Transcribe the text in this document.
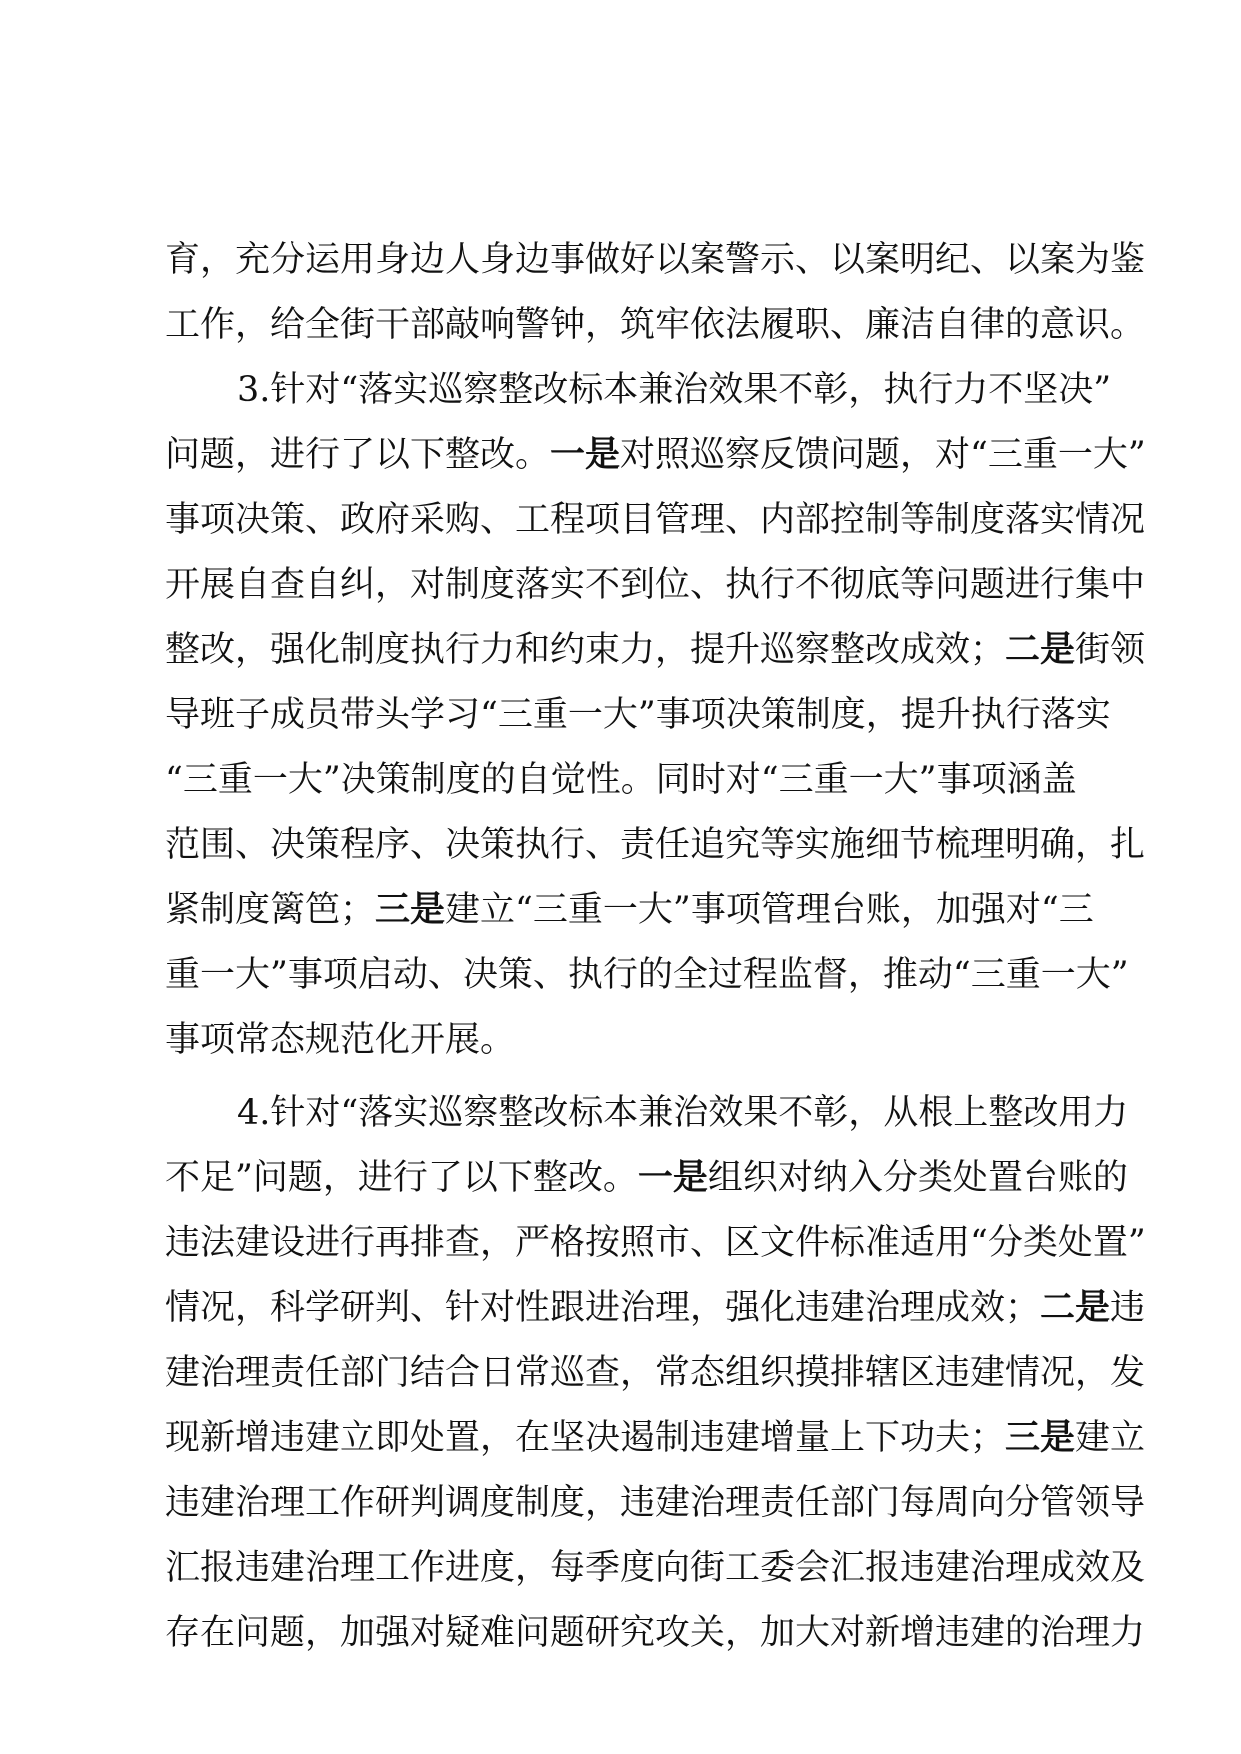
育，充分运用身边人身边事做好以案警示、以案明纪、以案为鉴
工作，给全街干部敲响警钟，筑牢依法履职、廉洁自律的意识。
3.针对“落实巡察整改标本兼治效果不彰，执行力不坚决”
问题，进行了以下整改。一是对照巡察反馈问题，对“三重一大”
事项决策、政府采购、工程项目管理、内部控制等制度落实情况
开展自查自纠，对制度落实不到位、执行不彻底等问题进行集中
整改，强化制度执行力和约束力，提升巡察整改成效；二是街领
导班子成员带头学习“三重一大”事项决策制度，提升执行落实
“三重一大”决策制度的自觉性。同时对“三重一大”事项涵盖
范围、决策程序、决策执行、责任追究等实施细节梳理明确，扎
紧制度篱笆；三是建立“三重一大”事项管理台账，加强对“三
重一大”事项启动、决策、执行的全过程监督，推动“三重一大”
事项常态规范化开展。
4.针对“落实巡察整改标本兼治效果不彰，从根上整改用力
不足”问题，进行了以下整改。一是组织对纳入分类处置台账的
违法建设进行再排查，严格按照市、区文件标准适用“分类处置”
情况，科学研判、针对性跟进治理，强化违建治理成效；二是违
建治理责任部门结合日常巡查，常态组织摸排辖区违建情况，发
现新增违建立即处置，在坚决遏制违建增量上下功夫；三是建立
违建治理工作研判调度制度，违建治理责任部门每周向分管领导
汇报违建治理工作进度，每季度向街工委会汇报违建治理成效及
存在问题，加强对疑难问题研究攻关，加大对新增违建的治理力
